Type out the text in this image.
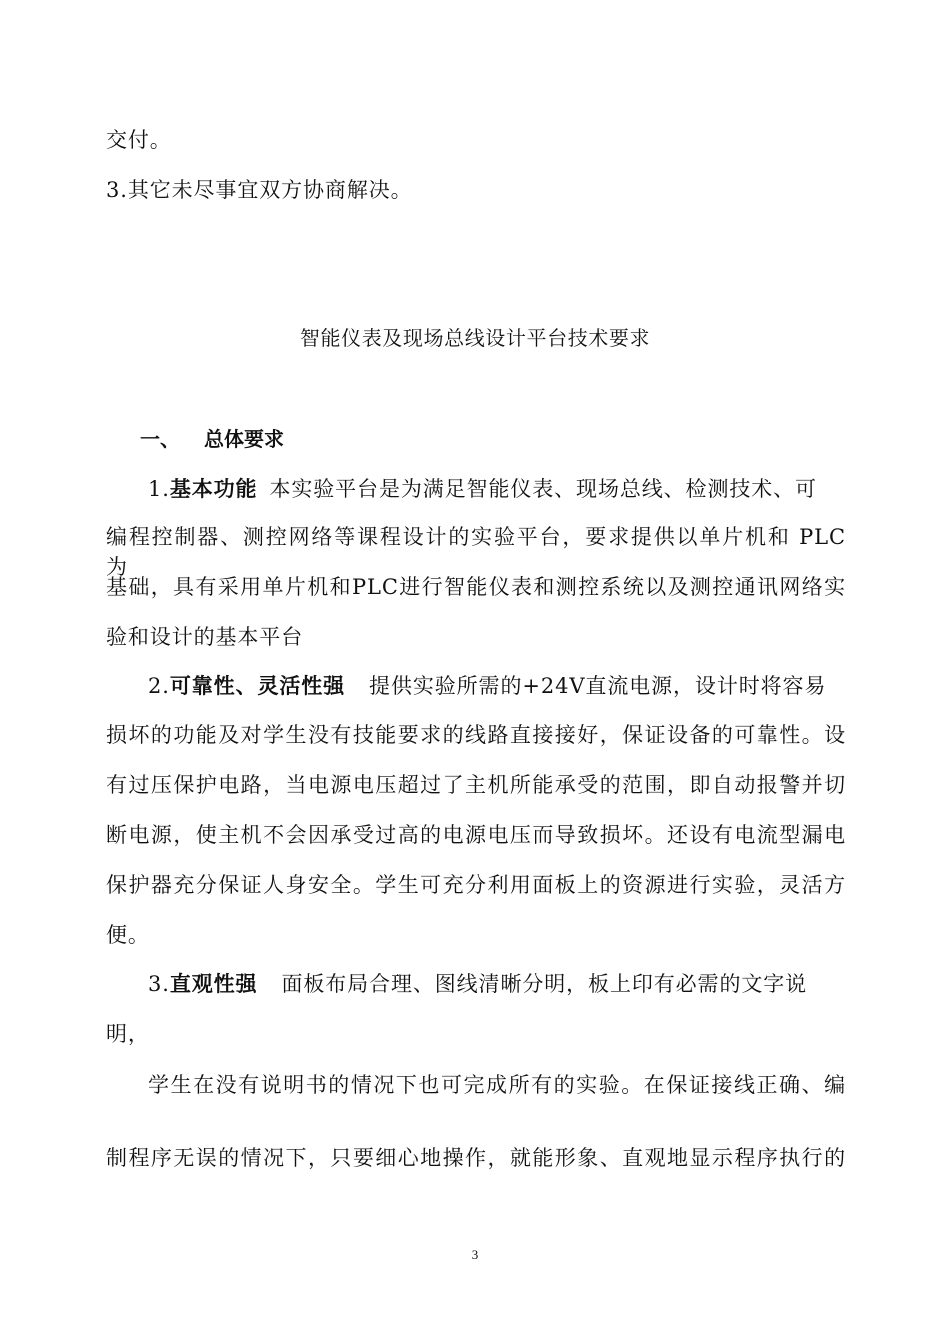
交付。
3.其它未尽事宜双方协商解决。
智能仪表及现场总线设计平台技术要求
一、 总体要求
1.基本功能 本实验平台是为满足智能仪表、现场总线、检测技术、可
编程控制器、测控网络等课程设计的实验平台，要求提供以单片机和 PLC 为
基础，具有采用单片机和PLC进行智能仪表和测控系统以及测控通讯网络实
验和设计的基本平台
2.可靠性、灵活性强 提供实验所需的+24V直流电源，设计时将容易
损坏的功能及对学生没有技能要求的线路直接接好，保证设备的可靠性。设
有过压保护电路，当电源电压超过了主机所能承受的范围，即自动报警并切
断电源，使主机不会因承受过高的电源电压而导致损坏。还设有电流型漏电
保护器充分保证人身安全。学生可充分利用面板上的资源进行实验，灵活方
便。
3.直观性强 面板布局合理、图线清晰分明，板上印有必需的文字说
明，
学生在没有说明书的情况下也可完成所有的实验。在保证接线正确、编
制程序无误的情况下，只要细心地操作，就能形象、直观地显示程序执行的
3
